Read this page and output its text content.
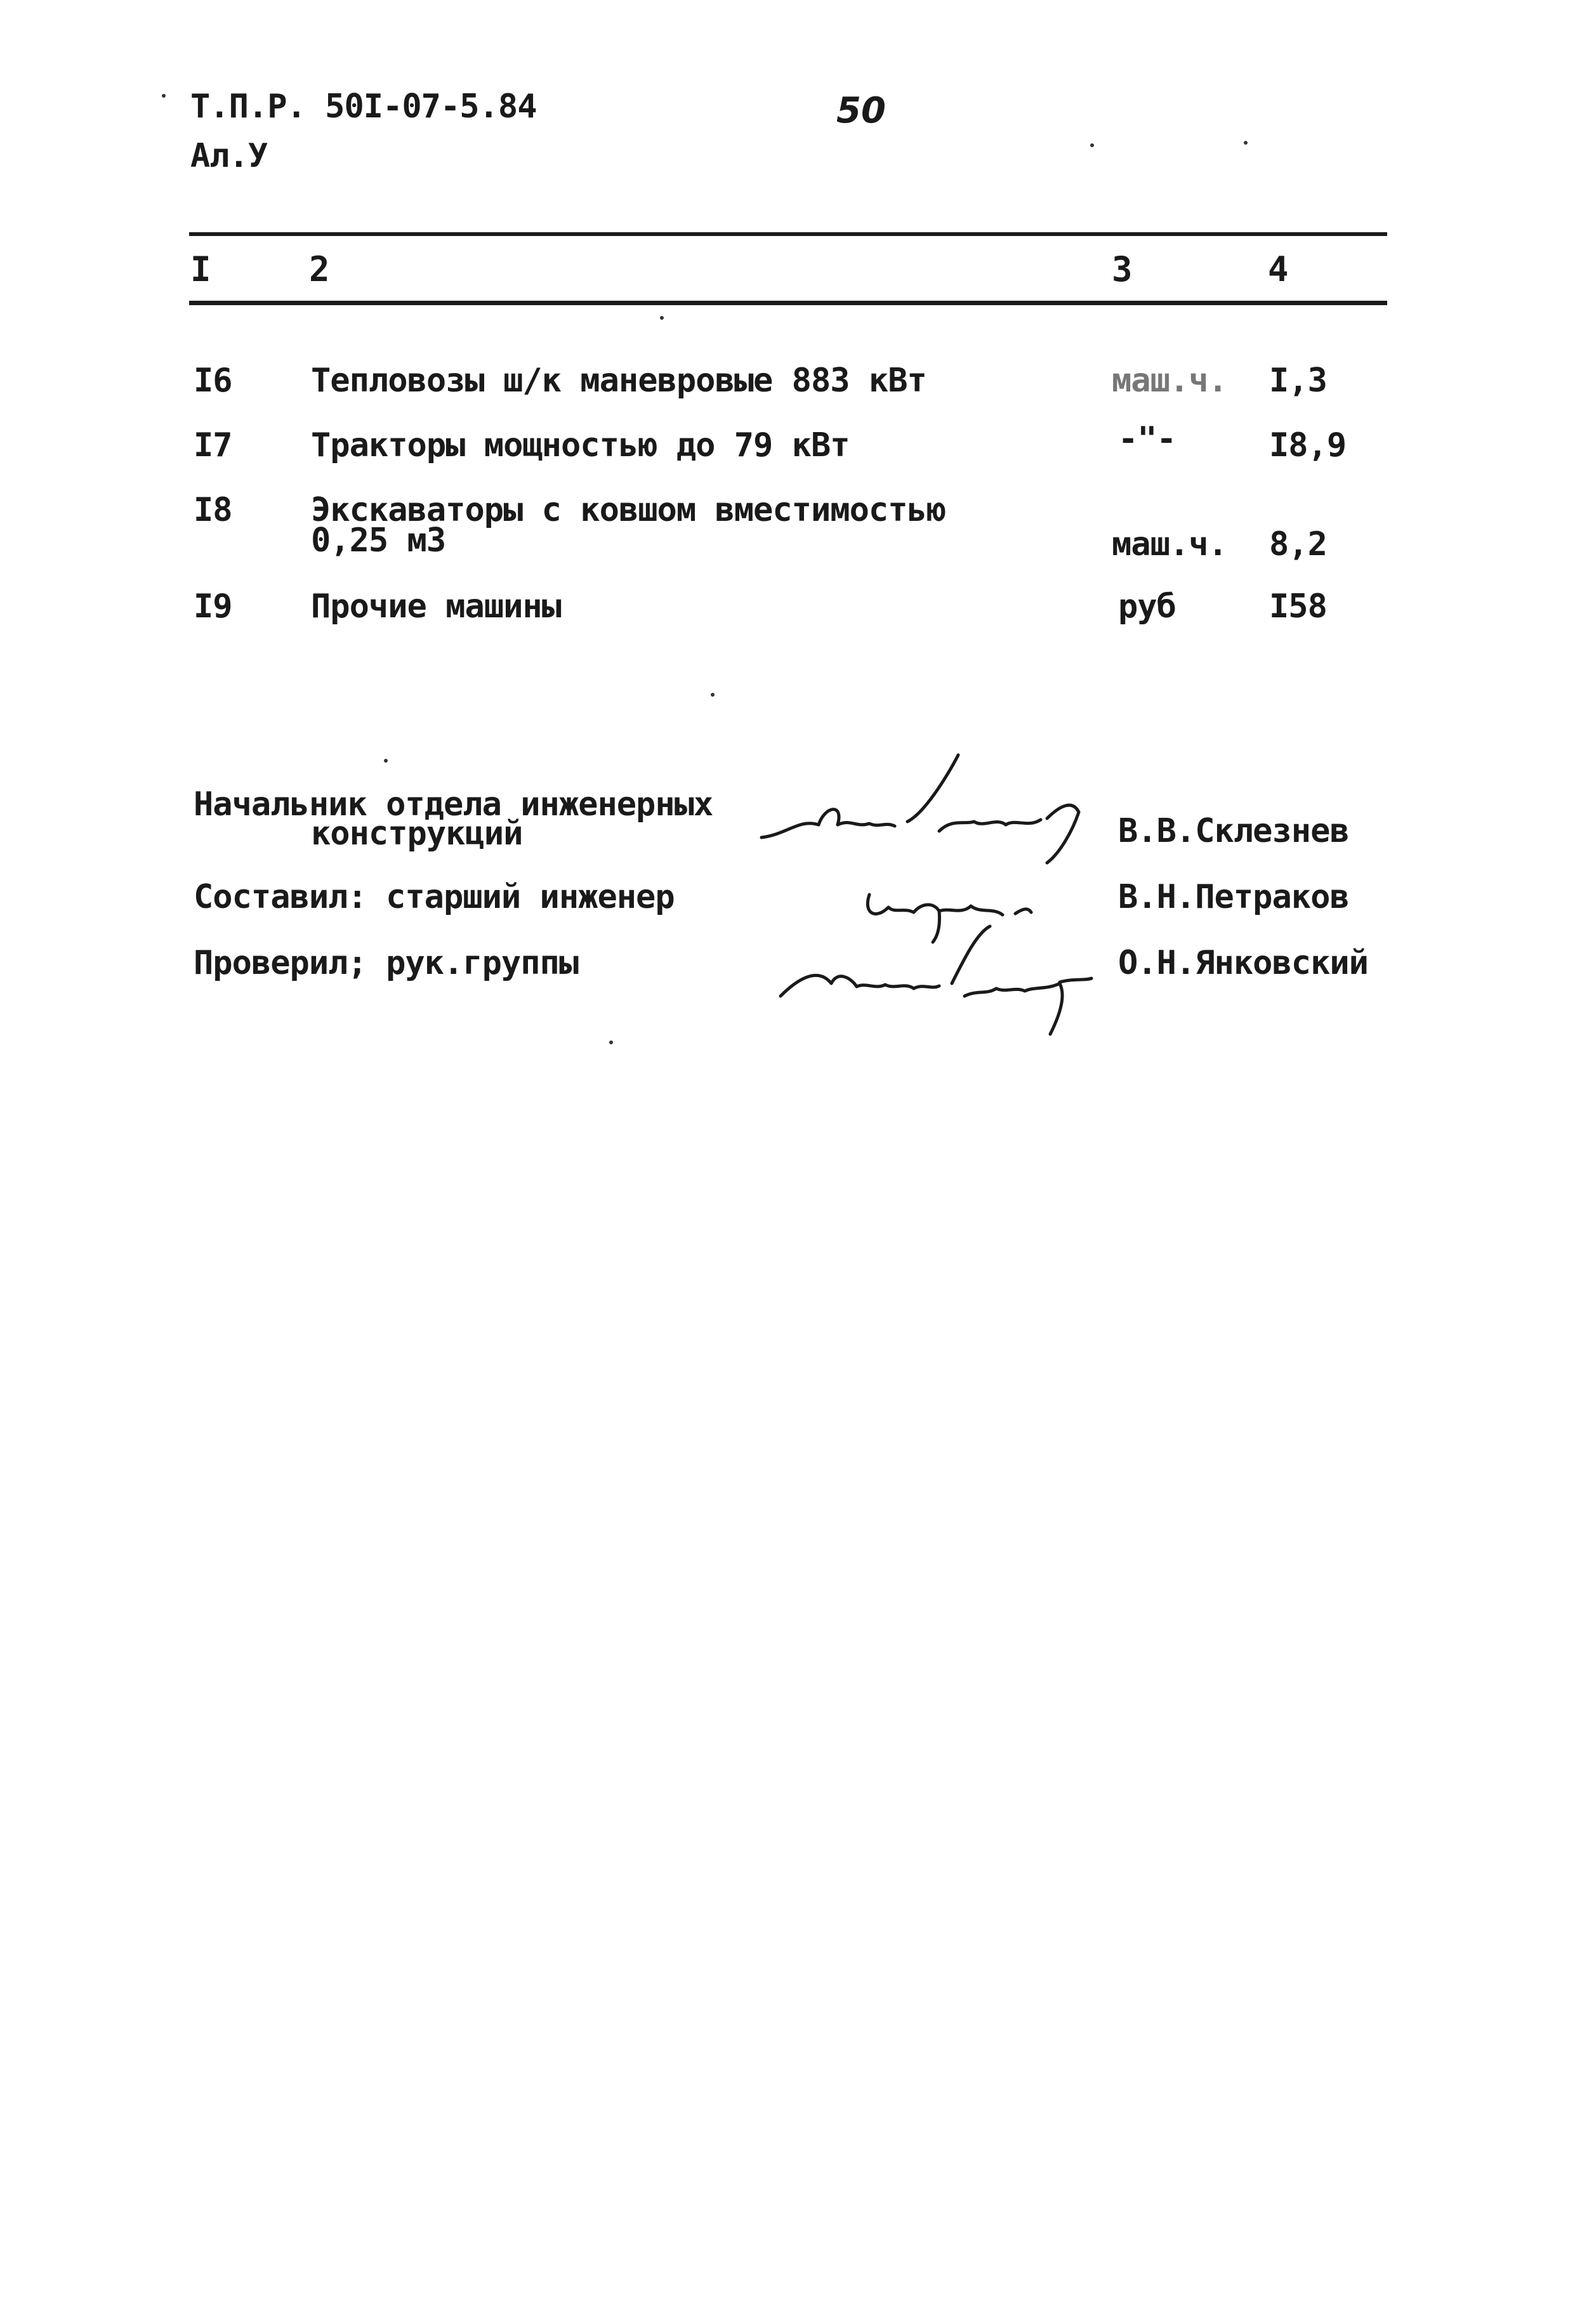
Т.П.Р. 50I-07-5.84
Ал.У
50
I	2	3	4
I6 Тепловозы ш/к маневровые 883 кВт	маш.ч. I,3
I7 Тракторы мощностью до 79 кВт	-"-	I8,9
I8 Экскаваторы с ковшом вместимостью
0,25 м3	маш.ч. 8,2
I9 Прочие машины	руб	I58
Начальник отдела инженерных
конструкций	В.В.Склезнев
Составил: старший инженер	В.Н.Петраков
Проверил; рук.группы	О.Н.Янковский
